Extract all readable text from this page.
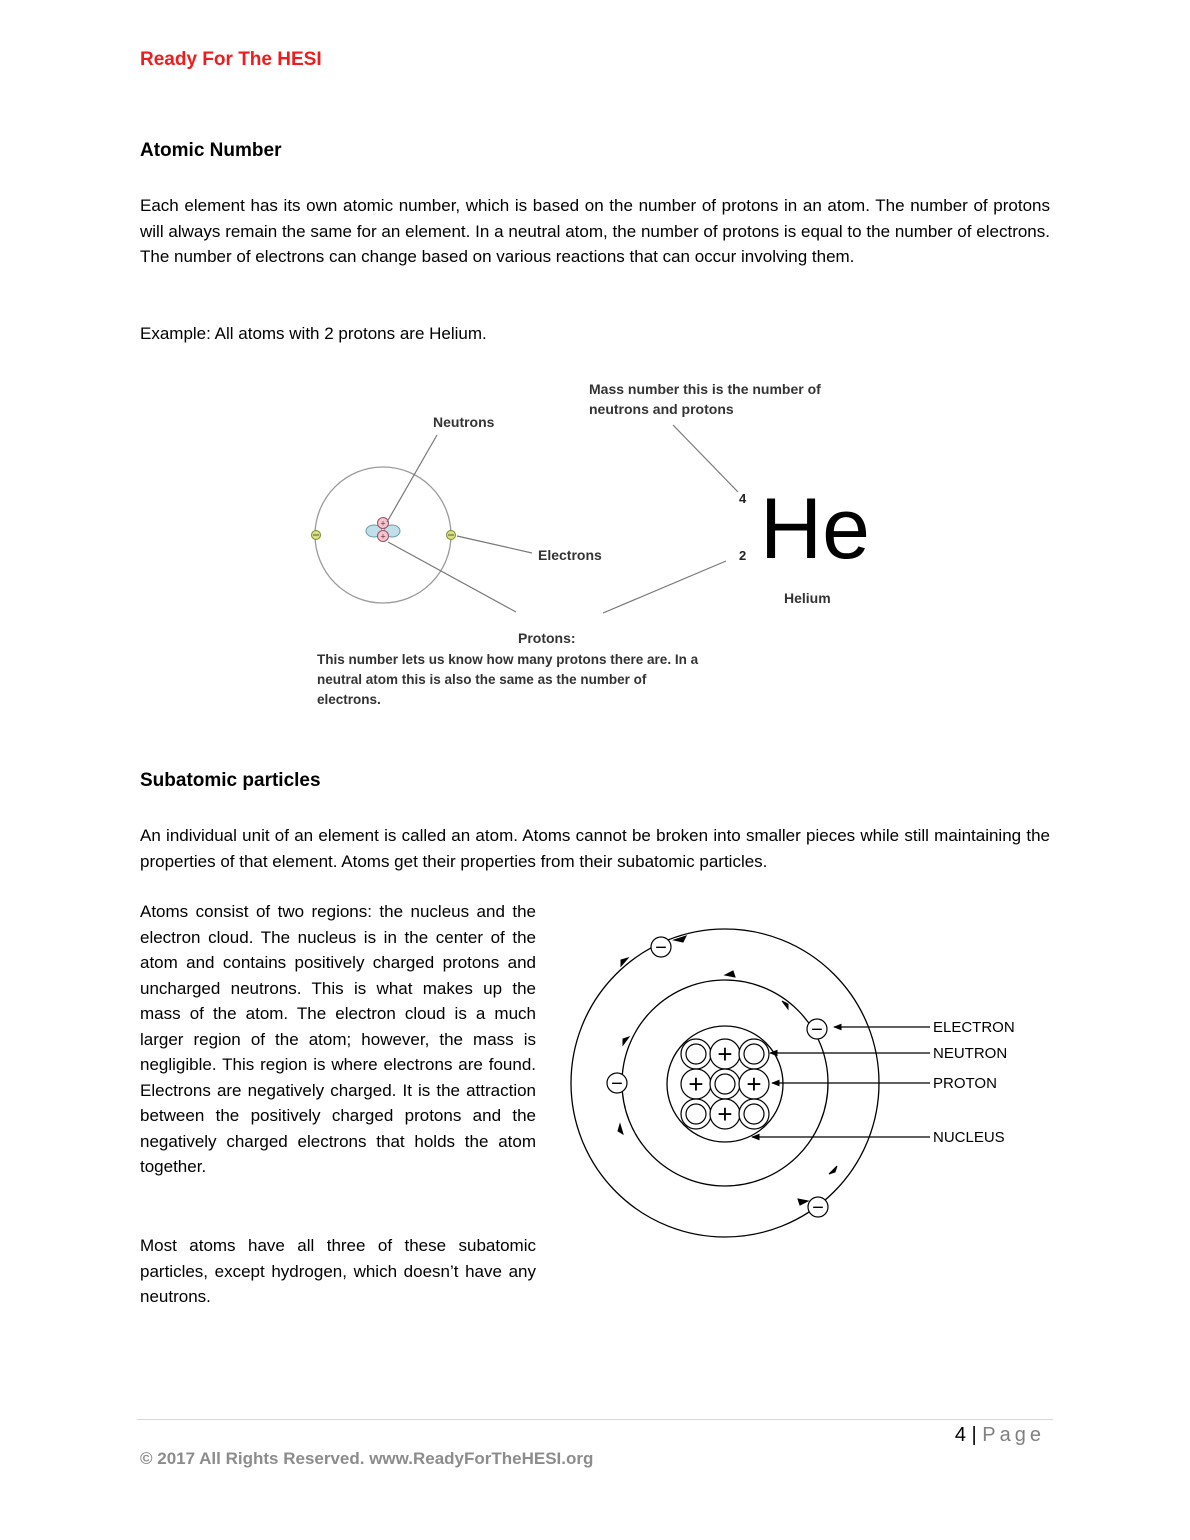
Ready For The HESI
Atomic Number

Each element has its own atomic number, which is based on the number of protons in an atom. The number of protons will always remain the same for an element. In a neutral atom, the number of protons is equal to the number of electrons. The number of electrons can change based on various reactions that can occur involving them.

Example: All atoms with 2 protons are Helium.

+
+
Mass number this is the number of
neutrons and protons
Neutrons
Electrons
4
2 He
Helium
Protons:
This number lets us know how many protons there are. In a
neutral atom this is also the same as the number of
electrons.
Subatomic particles

An individual unit of an element is called an atom. Atoms cannot be broken into smaller pieces while still maintaining the properties of that element. Atoms get their properties from their subatomic particles.

Atoms consist of two regions: the nucleus and the electron cloud. The nucleus is in the center of the atom and contains positively charged protons and uncharged neutrons. This is what makes up the mass of the atom. The electron cloud is a much larger region of the atom; however, the mass is negligible. This region is where electrons are found. Electrons are negatively charged. It is the attraction between the positively charged protons and the negatively charged electrons that holds the atom together.

Most atoms have all three of these subatomic particles, except hydrogen, which doesn’t have any neutrons.

+
+ +
+
−
−
−
−
ELECTRON
NEUTRON
PROTON
NUCLEUS
4 | Page
© 2017 All Rights Reserved. www.ReadyForTheHESI.org
